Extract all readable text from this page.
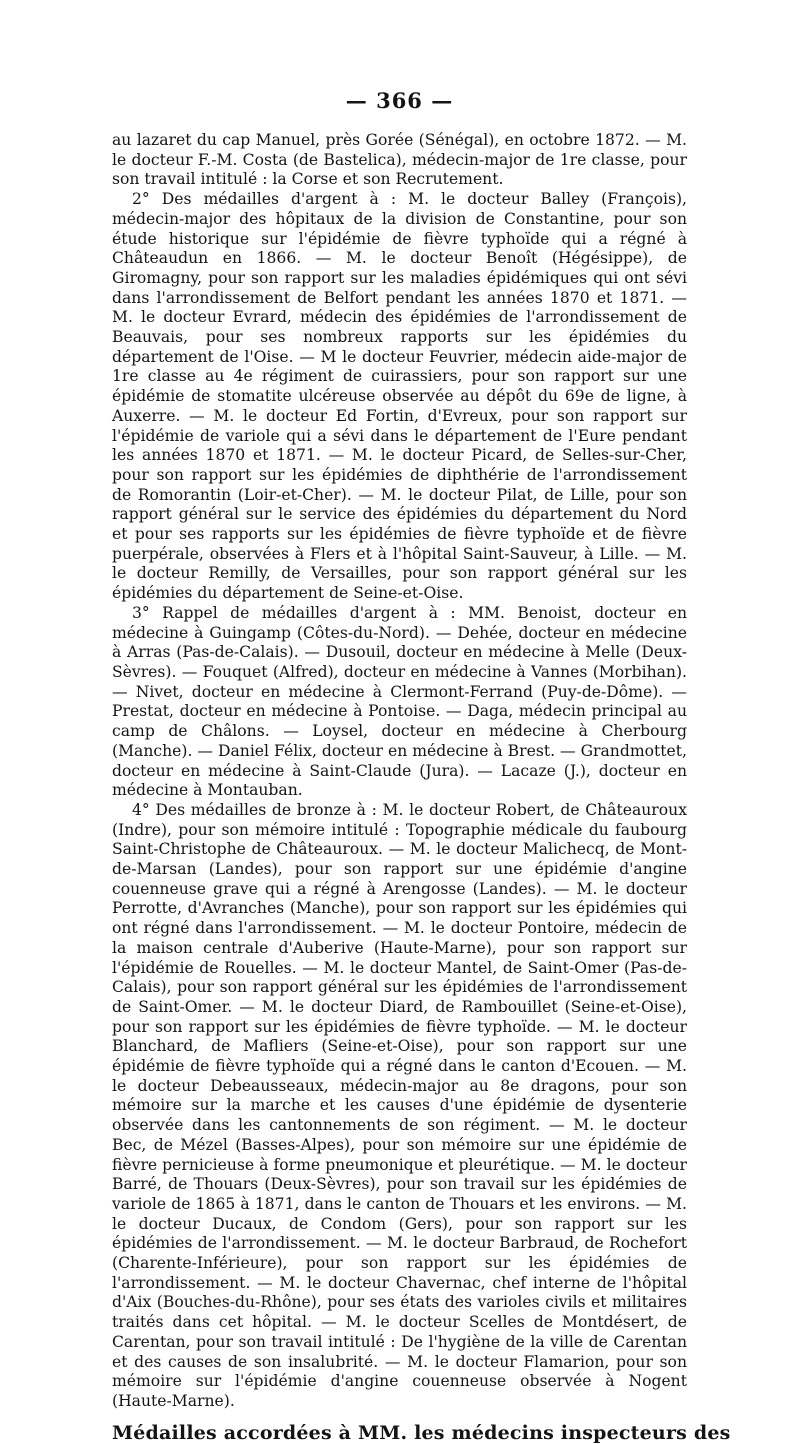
— 366 —

au lazaret du cap Manuel, près Gorée (Sénégal), en octobre 1872. — M. le docteur F.-M. Costa (de Bastelica), médecin-major de 1re classe, pour son travail intitulé : la Corse et son Recrutement.

2° Des médailles d'argent à : M. le docteur Balley (François), médecin-major des hôpitaux de la division de Constantine, pour son étude historique sur l'épidémie de fièvre typhoïde qui a régné à Châteaudun en 1866. — M. le docteur Benoît (Hégésippe), de Giromagny, pour son rapport sur les maladies épidémiques qui ont sévi dans l'arrondissement de Belfort pendant les années 1870 et 1871. — M. le docteur Evrard, médecin des épidémies de l'arrondissement de Beauvais, pour ses nombreux rapports sur les épidémies du département de l'Oise. — M le docteur Feuvrier, médecin aide-major de 1re classe au 4e régiment de cuirassiers, pour son rapport sur une épidémie de stomatite ulcéreuse observée au dépôt du 69e de ligne, à Auxerre. — M. le docteur Ed Fortin, d'Evreux, pour son rapport sur l'épidémie de variole qui a sévi dans le département de l'Eure pendant les années 1870 et 1871. — M. le docteur Picard, de Selles-sur-Cher, pour son rapport sur les épidémies de diphthérie de l'arrondissement de Romorantin (Loir-et-Cher). — M. le docteur Pilat, de Lille, pour son rapport général sur le service des épidémies du département du Nord et pour ses rapports sur les épidémies de fièvre typhoïde et de fièvre puerpérale, observées à Flers et à l'hôpital Saint-Sauveur, à Lille. — M. le docteur Remilly, de Versailles, pour son rapport général sur les épidémies du département de Seine-et-Oise.

3° Rappel de médailles d'argent à : MM. Benoist, docteur en médecine à Guingamp (Côtes-du-Nord). — Dehée, docteur en médecine à Arras (Pas-de-Calais). — Dusouil, docteur en médecine à Melle (Deux-Sèvres). — Fouquet (Alfred), docteur en médecine à Vannes (Morbihan). — Nivet, docteur en médecine à Clermont-Ferrand (Puy-de-Dôme). — Prestat, docteur en médecine à Pontoise. — Daga, médecin principal au camp de Châlons. — Loysel, docteur en médecine à Cherbourg (Manche). — Daniel Félix, docteur en médecine à Brest. — Grandmottet, docteur en médecine à Saint-Claude (Jura). — Lacaze (J.), docteur en médecine à Montauban.

4° Des médailles de bronze à : M. le docteur Robert, de Châteauroux (Indre), pour son mémoire intitulé : Topographie médicale du faubourg Saint-Christophe de Châteauroux. — M. le docteur Malichecq, de Mont-de-Marsan (Landes), pour son rapport sur une épidémie d'angine couenneuse grave qui a régné à Arengosse (Landes). — M. le docteur Perrotte, d'Avranches (Manche), pour son rapport sur les épidémies qui ont régné dans l'arrondissement. — M. le docteur Pontoire, médecin de la maison centrale d'Auberive (Haute-Marne), pour son rapport sur l'épidémie de Rouelles. — M. le docteur Mantel, de Saint-Omer (Pas-de-Calais), pour son rapport général sur les épidémies de l'arrondissement de Saint-Omer. — M. le docteur Diard, de Rambouillet (Seine-et-Oise), pour son rapport sur les épidémies de fièvre typhoïde. — M. le docteur Blanchard, de Mafliers (Seine-et-Oise), pour son rapport sur une épidémie de fièvre typhoïde qui a régné dans le canton d'Ecouen. — M. le docteur Debeausseaux, médecin-major au 8e dragons, pour son mémoire sur la marche et les causes d'une épidémie de dysenterie observée dans les cantonnements de son régiment. — M. le docteur Bec, de Mézel (Basses-Alpes), pour son mémoire sur une épidémie de fièvre pernicieuse à forme pneumonique et pleurétique. — M. le docteur Barré, de Thouars (Deux-Sèvres), pour son travail sur les épidémies de variole de 1865 à 1871, dans le canton de Thouars et les environs. — M. le docteur Ducaux, de Condom (Gers), pour son rapport sur les épidémies de l'arrondissement. — M. le docteur Barbraud, de Rochefort (Charente-Inférieure), pour son rapport sur les épidémies de l'arrondissement. — M. le docteur Chavernac, chef interne de l'hôpital d'Aix (Bouches-du-Rhône), pour ses états des varioles civils et militaires traités dans cet hôpital. — M. le docteur Scelles de Montdésert, de Carentan, pour son travail intitulé : De l'hygiène de la ville de Carentan et des causes de son insalubrité. — M. le docteur Flamarion, pour son mémoire sur l'épidémie d'angine couenneuse observée à Nogent (Haute-Marne).

Médailles accordées à MM. les médecins inspecteurs des
